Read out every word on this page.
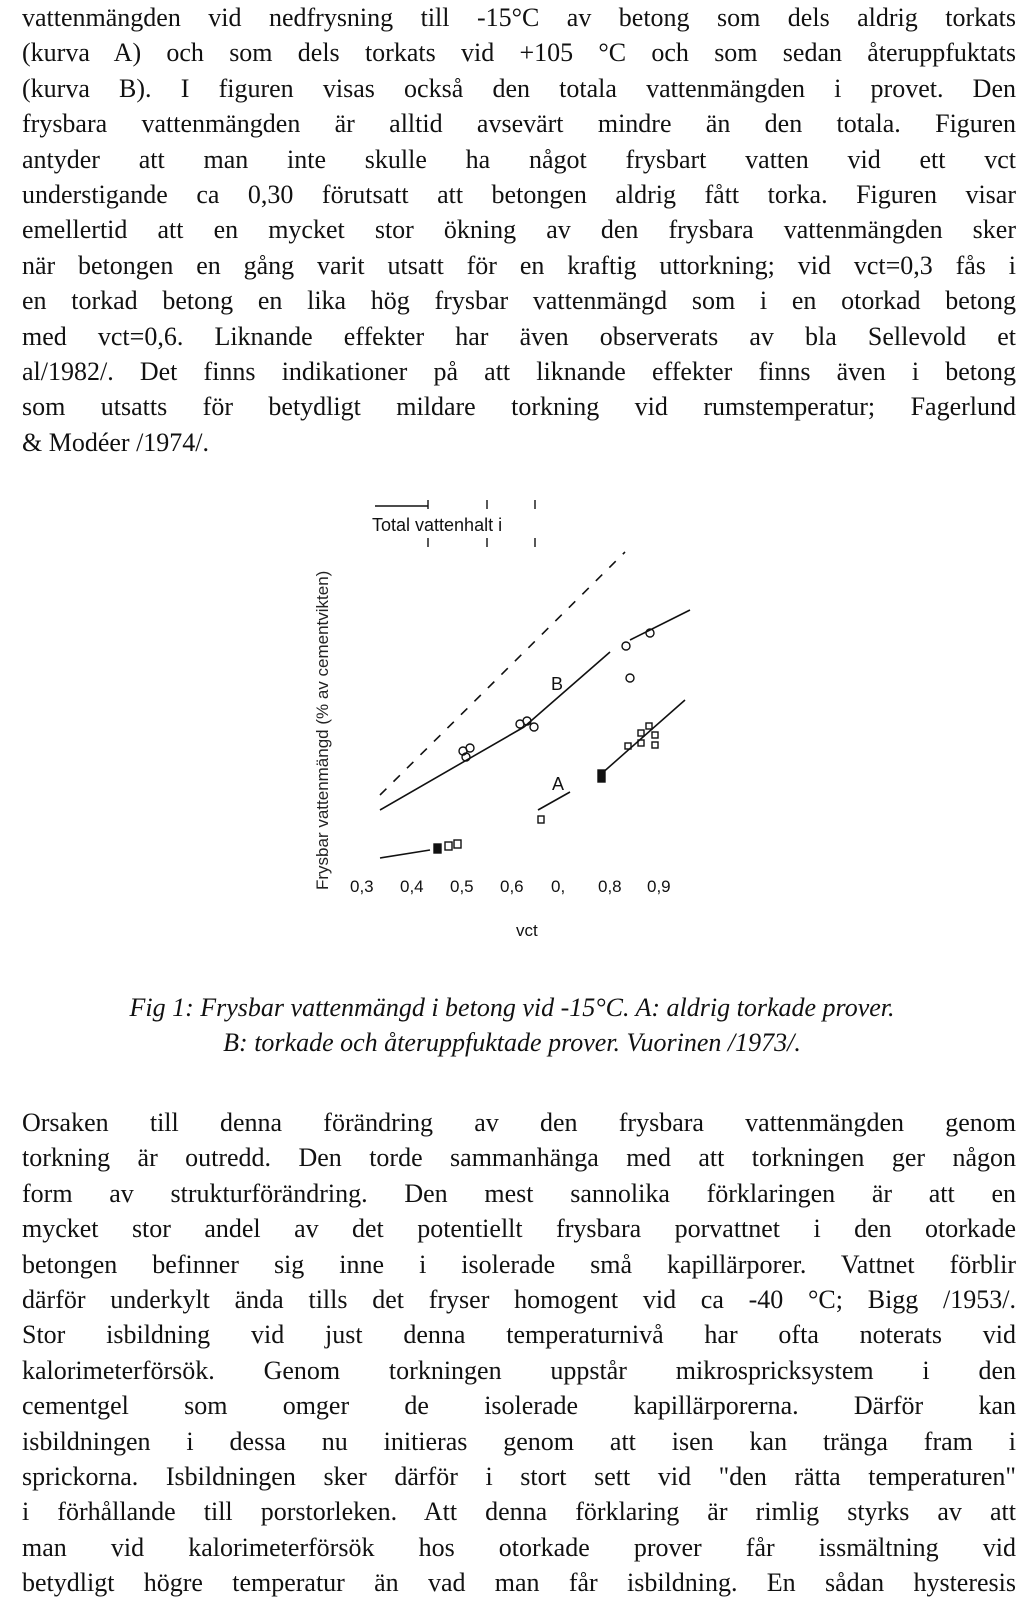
vattenmängden vid nedfrysning till -15°C av betong som dels aldrig torkats
(kurva A) och som dels torkats vid +105 °C och som sedan återuppfuktats
(kurva B). I figuren visas också den totala vattenmängden i provet. Den
frysbara vattenmängden är alltid avsevärt mindre än den totala. Figuren
antyder att man inte skulle ha något frysbart vatten vid ett vct
understigande ca 0,30 förutsatt att betongen aldrig fått torka. Figuren visar
emellertid att en mycket stor ökning av den frysbara vattenmängden sker
när betongen en gång varit utsatt för en kraftig uttorkning; vid vct=0,3 fås i
en torkad betong en lika hög frysbar vattenmängd som i en otorkad betong
med vct=0,6. Liknande effekter har även observerats av bla Sellevold et
al/1982/. Det finns indikationer på att liknande effekter finns även i betong
som utsatts för betydligt mildare torkning vid rumstemperatur; Fagerlund
& Modéer /1974/.
Frysbar vattenmängd (% av cementvikten)
Total vattenhalt i
B
A
0,3 0,4 0,5 0,6 0, 0,8 0,9
vct
Fig 1: Frysbar vattenmängd i betong vid -15°C. A: aldrig torkade prover.
B: torkade och återuppfuktade prover. Vuorinen /1973/.
Orsaken till denna förändring av den frysbara vattenmängden genom
torkning är outredd. Den torde sammanhänga med att torkningen ger någon
form av strukturförändring. Den mest sannolika förklaringen är att en
mycket stor andel av det potentiellt frysbara porvattnet i den otorkade
betongen befinner sig inne i isolerade små kapillärporer. Vattnet förblir
därför underkylt ända tills det fryser homogent vid ca -40 °C; Bigg /1953/.
Stor isbildning vid just denna temperaturnivå har ofta noterats vid
kalorimeterförsök. Genom torkningen uppstår mikrospricksystem i den
cementgel som omger de isolerade kapillärporerna. Därför kan
isbildningen i dessa nu initieras genom att isen kan tränga fram i
sprickorna. Isbildningen sker därför i stort sett vid "den rätta temperaturen"
i förhållande till porstorleken. Att denna förklaring är rimlig styrks av att
man vid kalorimeterförsök hos otorkade prover får issmältning vid
betydligt högre temperatur än vad man får isbildning. En sådan hysteresis
